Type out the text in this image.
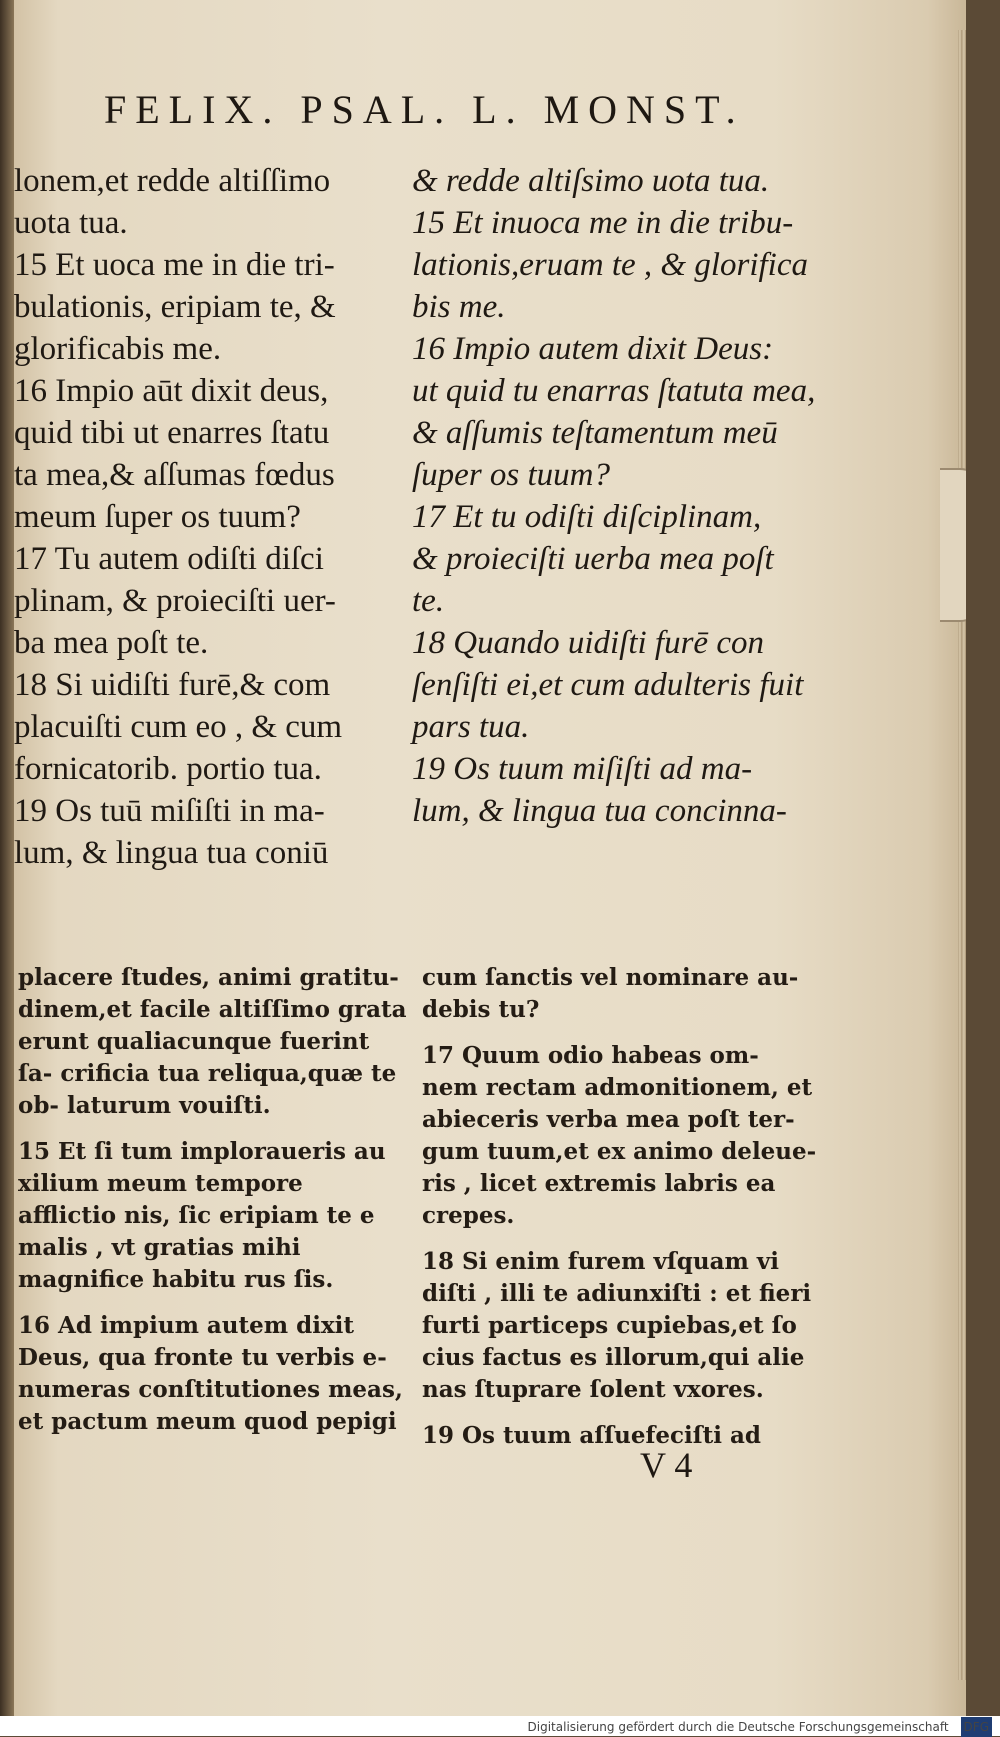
FELIX. PSAL. L. MONST.
lonem,et redde altiſſimo
uota tua.
15 Et uoca me in die tri-
bulationis, eripiam te, &
glorificabis me.
16 Impio aūt dixit deus,
quid tibi ut enarres ſtatu
ta mea,& aſſumas fœdus
meum ſuper os tuum?
17 Tu autem odiſti diſci
plinam, & proieciſti uer-
ba mea poſt te.
18 Si uidiſti furē,& com
placuiſti cum eo , & cum
fornicatorib. portio tua.
19 Os tuū miſiſti in ma-
lum, & lingua tua coniū
& redde altiſsimo uota tua.
15 Et inuoca me in die tribu-
lationis,eruam te , & glorifica
bis me.
16 Impio autem dixit Deus:
ut quid tu enarras ſtatuta mea,
& aſſumis teſtamentum meū
ſuper os tuum?
17 Et tu odiſti diſciplinam,
& proieciſti uerba mea poſt
te.
18 Quando uidiſti furē con
ſenſiſti ei,et cum adulteris fuit
pars tua.
19 Os tuum miſiſti ad ma-
lum, & lingua tua concinna-

placere ſtudes, animi gratitu- dinem,et facile altiſſimo grata erunt qualiacunque fuerint ſa- crificia tua reliqua,quæ te ob- laturum vouiſti.

15 Et ſi tum imploraueris au xilium meum tempore afflictio nis, ſic eripiam te e malis , vt gratias mihi magnifice habitu rus ſis.

16 Ad impium autem dixit Deus, qua fronte tu verbis e- numeras conſtitutiones meas, et pactum meum quod pepigi

cum ſanctis vel nominare au- debis tu?

17 Quum odio habeas om- nem rectam admonitionem, et abieceris verba mea poſt ter- gum tuum,et ex animo deleue- ris , licet extremis labris ea crepes.

18 Si enim furem vſquam vi diſti , illi te adiunxiſti : et fieri furti particeps cupiebas,et ſo cius factus es illorum,qui alie nas ſtuprare ſolent vxores.

19 Os tuum aſſuefeciſti ad

V 4
Digitalisierung gefördert durch die Deutsche Forschungsgemeinschaft DFG
